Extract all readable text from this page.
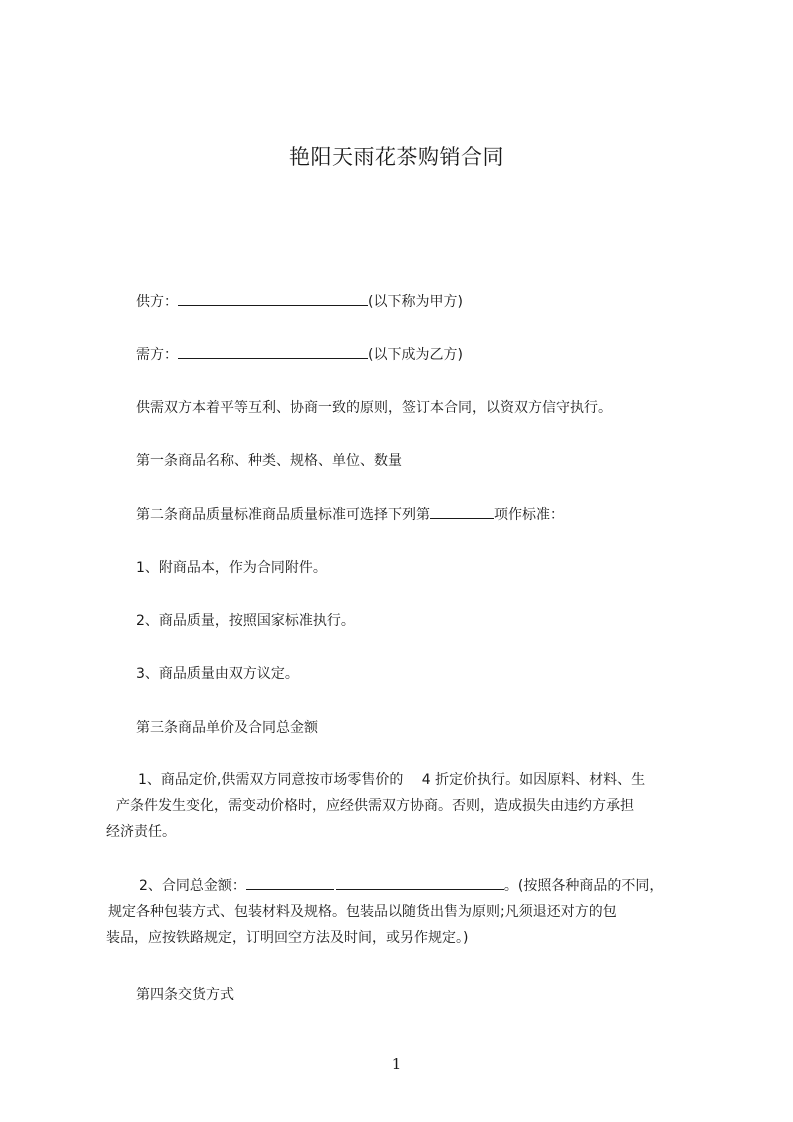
艳阳天雨花茶购销合同
供方：	(以下称为甲方)
需方：	(以下成为乙方)
供需双方本着平等互利、协商一致的原则，签订本合同，以资双方信守执行。
第一条商品名称、种类、规格、单位、数量
第二条商品质量标准商品质量标准可选择下列第	项作标准：
1、附商品本，作为合同附件。
2、商品质量，按照国家标准执行。
3、商品质量由双方议定。
第三条商品单价及合同总金额
1、商品定价,供需双方同意按市场零售价的　 4 折定价执行。如因原料、材料、生
产条件发生变化，需变动价格时，应经供需双方协商。否则，造成损失由违约方承担
经济责任。
2、合同总金额：	。(按照各种商品的不同，
规定各种包装方式、包装材料及规格。包装品以随货出售为原则;凡须退还对方的包
装品，应按铁路规定，订明回空方法及时间，或另作规定。)
第四条交货方式
1
